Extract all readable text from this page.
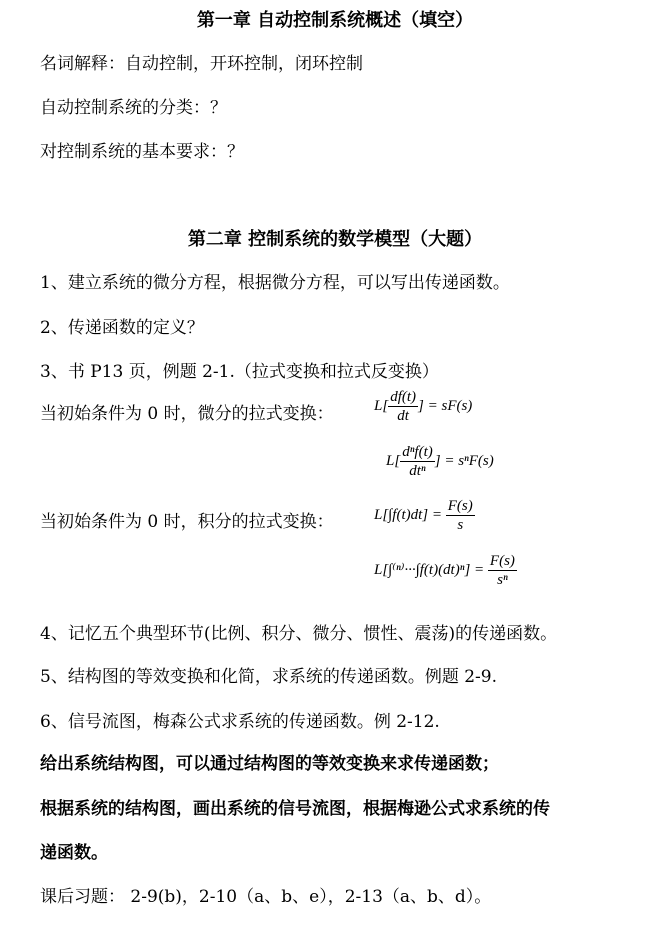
第一章 自动控制系统概述（填空）
名词解释：自动控制，开环控制，闭环控制
自动控制系统的分类：？
对控制系统的基本要求：？
第二章 控制系统的数学模型（大题）
1、建立系统的微分方程，根据微分方程，可以写出传递函数。
2、传递函数的定义？
3、书 P13 页，例题 2-1.（拉式变换和拉式反变换）
当初始条件为 0 时，微分的拉式变换：	$L[ \frac{df(t)}{dt}$ ] = sF(s)
$L[ \frac{\text{dⁿf(t)}}{\text{dtⁿ}}$ ] = sⁿF(s)
当初始条件为 0 时，积分的拉式变换：	$L[\int f(t)dt] = \frac{F(s)}{s}$
$L[\int^{(n)}\cdot\cdot\cdot\int f(t)(dt)^n] = \frac{F(s)}{\text{sⁿ}}$
4、记忆五个典型环节(比例、积分、微分、惯性、震荡)的传递函数。
5、结构图的等效变换和化简，求系统的传递函数。例题 2-9.
6、信号流图，梅森公式求系统的传递函数。例 2-12.
给出系统结构图，可以通过结构图的等效变换来求传递函数；
根据系统的结构图，画出系统的信号流图，根据梅逊公式求系统的传
递函数。
课后习题： 2-9(b)，2-10（a、b、e），2-13（a、b、d）。
